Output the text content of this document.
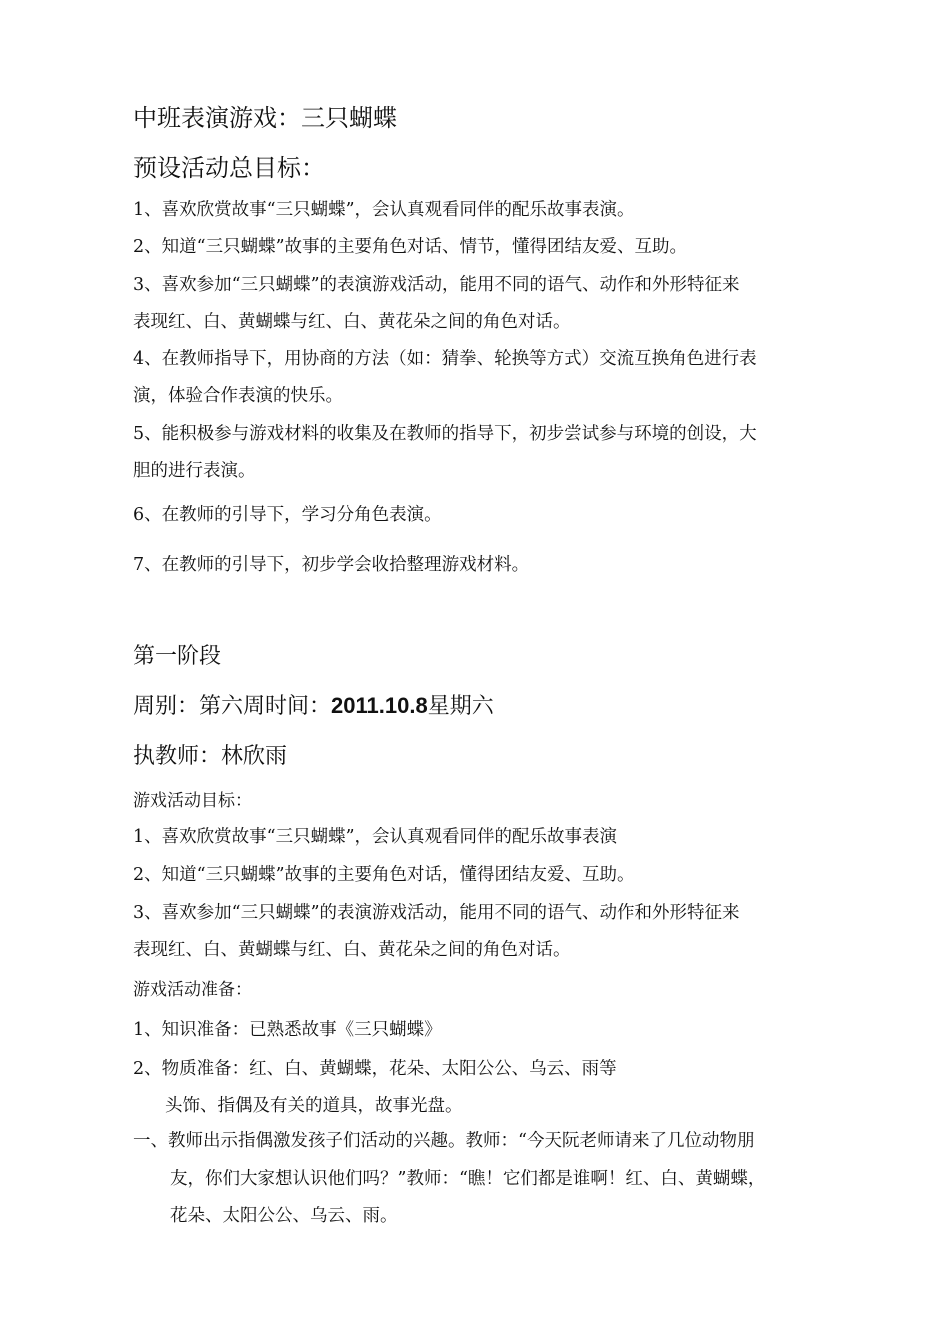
中班表演游戏：三只蝴蝶
预设活动总目标：
1、喜欢欣赏故事“三只蝴蝶”，会认真观看同伴的配乐故事表演。
2、知道“三只蝴蝶”故事的主要角色对话、情节，懂得团结友爱、互助。
3、喜欢参加“三只蝴蝶”的表演游戏活动，能用不同的语气、动作和外形特征来
表现红、白、黄蝴蝶与红、白、黄花朵之间的角色对话。
4、在教师指导下，用协商的方法（如：猜拳、轮换等方式）交流互换角色进行表
演，体验合作表演的快乐。
5、能积极参与游戏材料的收集及在教师的指导下，初步尝试参与环境的创设，大
胆的进行表演。
6、在教师的引导下，学习分角色表演。
7、在教师的引导下，初步学会收拾整理游戏材料。
第一阶段
周别：第六周时间：2011.10.8星期六
执教师：林欣雨
游戏活动目标：
1、喜欢欣赏故事“三只蝴蝶”，会认真观看同伴的配乐故事表演
2、知道“三只蝴蝶”故事的主要角色对话，懂得团结友爱、互助。
3、喜欢参加“三只蝴蝶”的表演游戏活动，能用不同的语气、动作和外形特征来
表现红、白、黄蝴蝶与红、白、黄花朵之间的角色对话。
游戏活动准备：
1、知识准备：已熟悉故事《三只蝴蝶》
2、物质准备：红、白、黄蝴蝶，花朵、太阳公公、乌云、雨等
头饰、指偶及有关的道具，故事光盘。
一、教师出示指偶激发孩子们活动的兴趣。教师：“今天阮老师请来了几位动物朋
友，你们大家想认识他们吗？”教师：“瞧！它们都是谁啊！红、白、黄蝴蝶，
花朵、太阳公公、乌云、雨。
